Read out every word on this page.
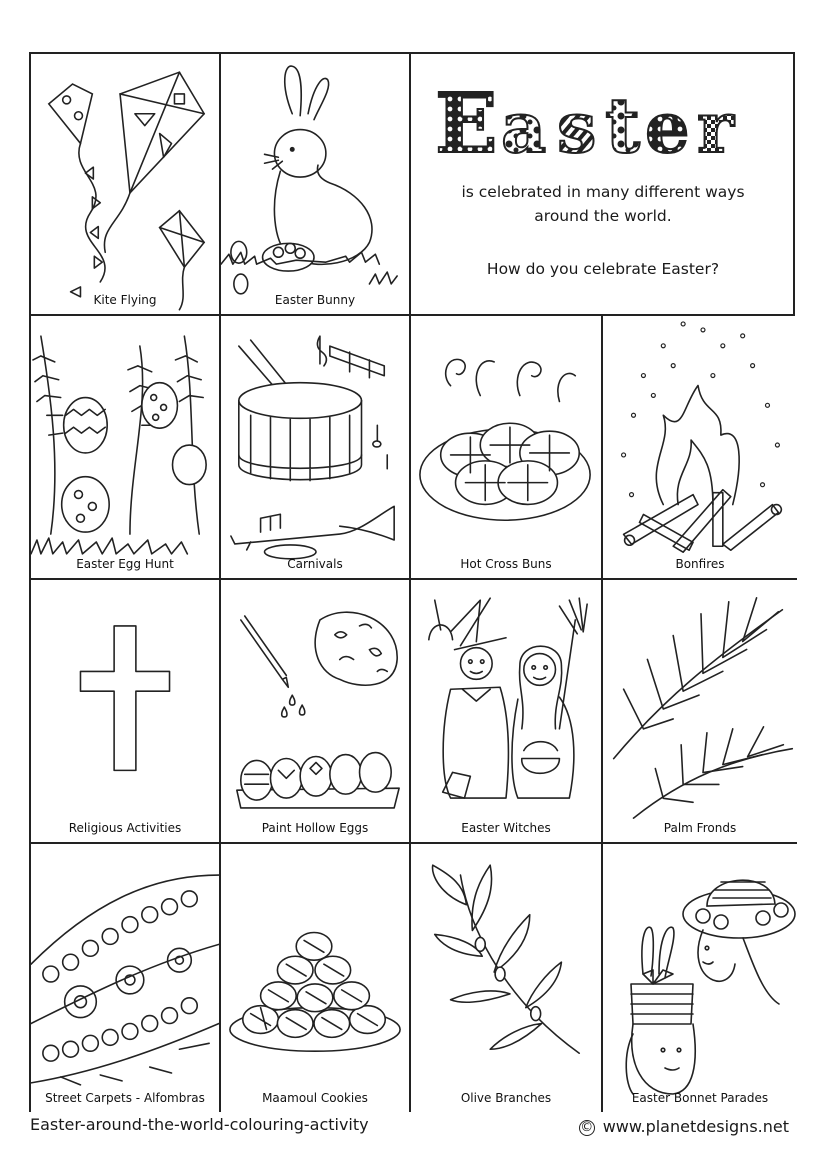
Kite Flying	Easter Bunny
E a s t e r
is celebrated in many different ways
around the world.
How do you celebrate Easter?
Easter Egg Hunt	Carnivals	Hot Cross Buns	Bonfires
Religious Activities	Paint Hollow Eggs	Easter Witches	Palm Fronds
Street Carpets - Alfombras	Maamoul Cookies	Olive Branches	Easter Bonnet Parades
Easter-around-the-world-colouring-activity	© www.planetdesigns.net
